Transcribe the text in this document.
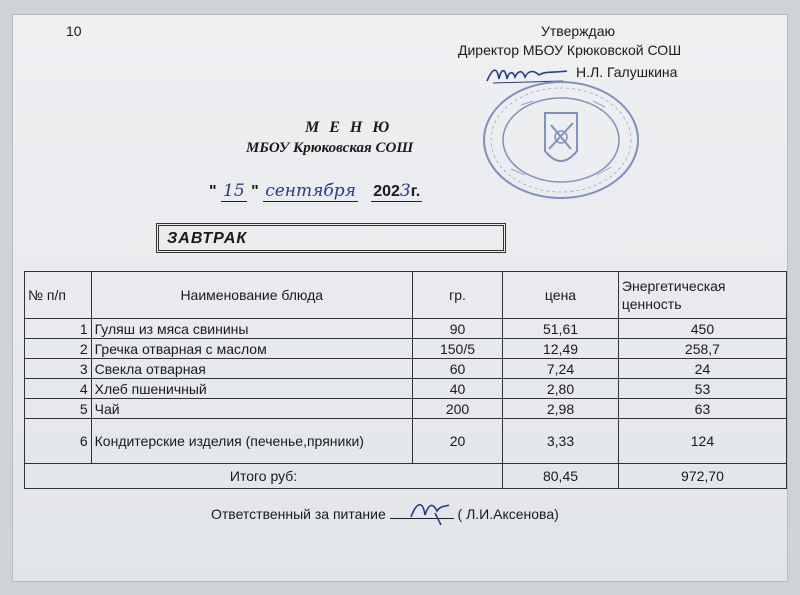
10	Утверждаю
Директор МБОУ Крюковской СОШ
Н.Л. Галушкина
М Е Н Ю
МБОУ Крюковская СОШ
" 15 " сентября 2023г.
ЗАВТРАК
№ п/п	Наименование блюда	гр.	цена	Энергетическая ценность
1	Гуляш из мяса свинины	90	51,61	450
2	Гречка отварная с маслом	150/5	12,49	258,7
3	Свекла отварная	60	7,24	24
4	Хлеб пшеничный	40	2,80	53
5	Чай	200	2,98	63
6	Кондитерские изделия (печенье,пряники)	20	3,33	124
Итого руб:			80,45	972,70
Ответственный за питание	( Л.И.Аксенова)
